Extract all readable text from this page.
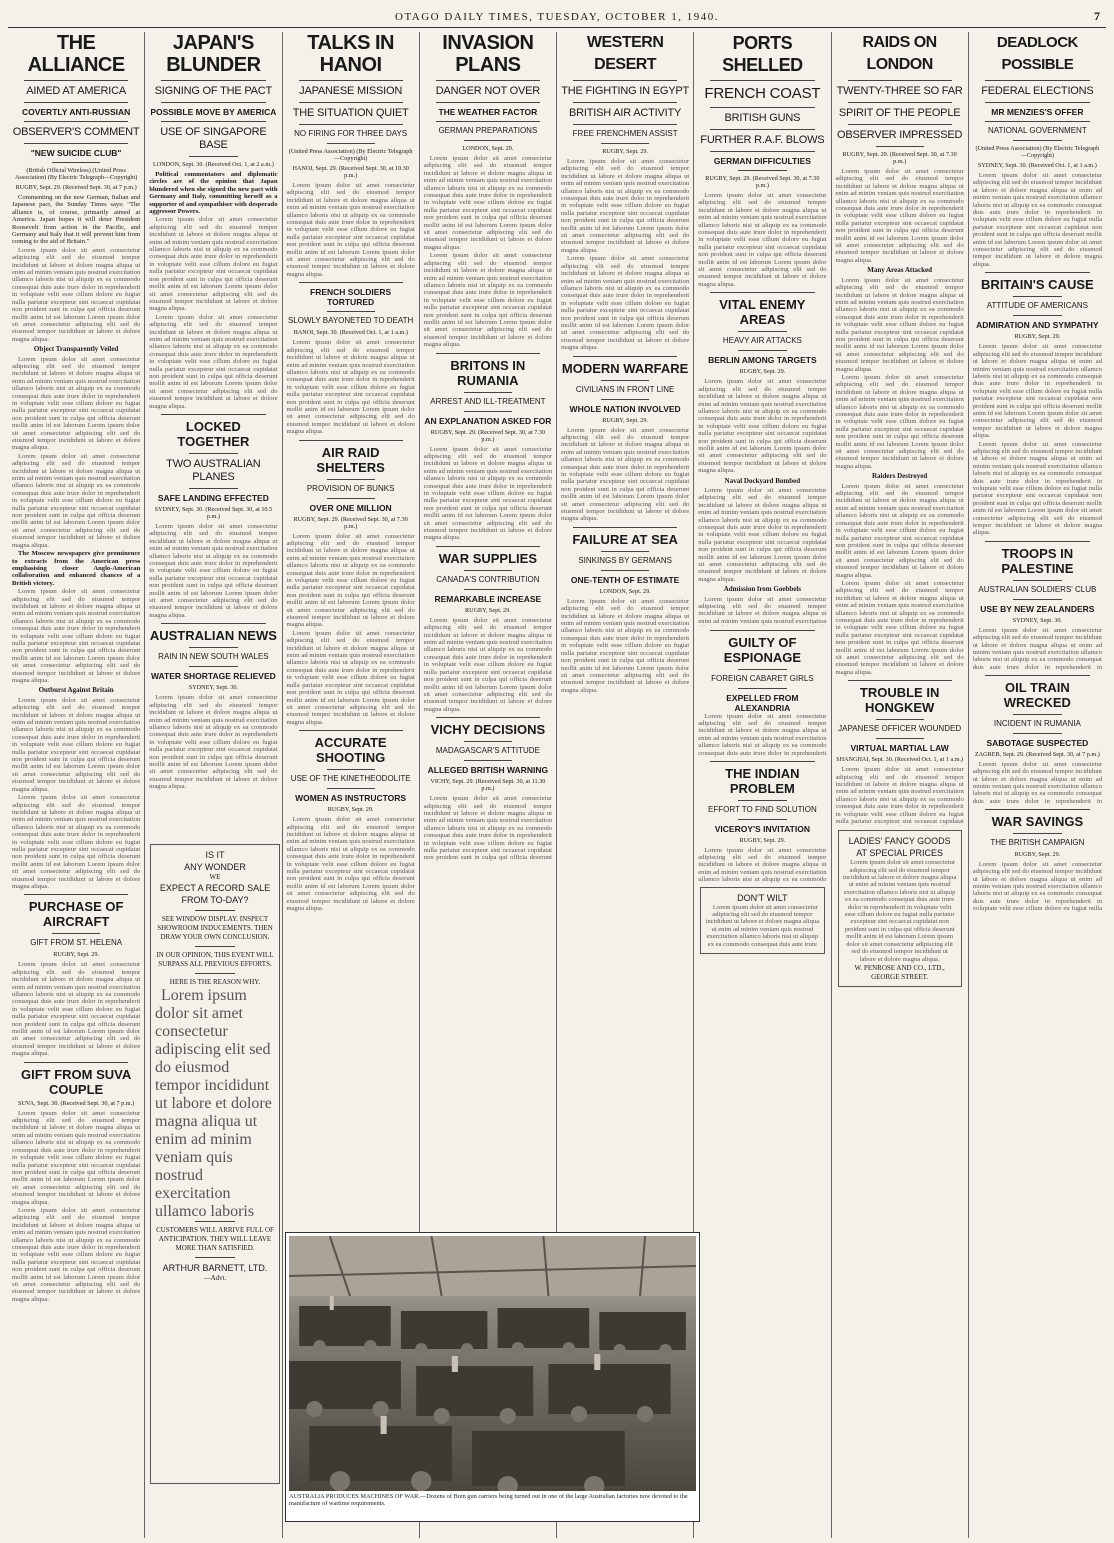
OTAGO DAILY TIMES, TUESDAY, OCTOBER 1, 1940.	7
THE ALLIANCE
AIMED AT AMERICA
COVERTLY ANTI-RUSSIAN
OBSERVER'S COMMENT
"NEW SUICIDE CLUB"
(British Official Wireless) (United Press Association) (By Electric Telegraph—Copyright)
RUGBY, Sept. 29. (Received Sept. 30, at 7 p.m.)
Commenting on the new German, Italian and Japanese pact, the Sunday Times says: "The alliance is, of course, primarily aimed at America. Japan hopes it will deter President Roosevelt from action in the Pacific, and Germany and Italy that it will prevent him from coming to the aid of Britain."
Lorem ipsum dolor sit amet consectetur adipiscing elit sed do eiusmod tempor incididunt ut labore et dolore magna aliqua ut enim ad minim veniam quis nostrud exercitation ullamco laboris nisi ut aliquip ex ea commodo consequat duis aute irure dolor in reprehenderit in voluptate velit esse cillum dolore eu fugiat nulla pariatur excepteur sint occaecat cupidatat non proident sunt in culpa qui officia deserunt mollit anim id est laborum Lorem ipsum dolor sit amet consectetur adipiscing elit sed do eiusmod tempor incididunt ut labore et dolore magna aliqua.
Object Transparently Veiled
Lorem ipsum dolor sit amet consectetur adipiscing elit sed do eiusmod tempor incididunt ut labore et dolore magna aliqua ut enim ad minim veniam quis nostrud exercitation ullamco laboris nisi ut aliquip ex ea commodo consequat duis aute irure dolor in reprehenderit in voluptate velit esse cillum dolore eu fugiat nulla pariatur excepteur sint occaecat cupidatat non proident sunt in culpa qui officia deserunt mollit anim id est laborum Lorem ipsum dolor sit amet consectetur adipiscing elit sed do eiusmod tempor incididunt ut labore et dolore magna aliqua.
Lorem ipsum dolor sit amet consectetur adipiscing elit sed do eiusmod tempor incididunt ut labore et dolore magna aliqua ut enim ad minim veniam quis nostrud exercitation ullamco laboris nisi ut aliquip ex ea commodo consequat duis aute irure dolor in reprehenderit in voluptate velit esse cillum dolore eu fugiat nulla pariatur excepteur sint occaecat cupidatat non proident sunt in culpa qui officia deserunt mollit anim id est laborum Lorem ipsum dolor sit amet consectetur adipiscing elit sed do eiusmod tempor incididunt ut labore et dolore magna aliqua.
The Moscow newspapers give prominence to extracts from the American press emphasising closer Anglo-American collaboration and enhanced chances of a British victory.
Lorem ipsum dolor sit amet consectetur adipiscing elit sed do eiusmod tempor incididunt ut labore et dolore magna aliqua ut enim ad minim veniam quis nostrud exercitation ullamco laboris nisi ut aliquip ex ea commodo consequat duis aute irure dolor in reprehenderit in voluptate velit esse cillum dolore eu fugiat nulla pariatur excepteur sint occaecat cupidatat non proident sunt in culpa qui officia deserunt mollit anim id est laborum Lorem ipsum dolor sit amet consectetur adipiscing elit sed do eiusmod tempor incididunt ut labore et dolore magna aliqua.
Outburst Against Britain
Lorem ipsum dolor sit amet consectetur adipiscing elit sed do eiusmod tempor incididunt ut labore et dolore magna aliqua ut enim ad minim veniam quis nostrud exercitation ullamco laboris nisi ut aliquip ex ea commodo consequat duis aute irure dolor in reprehenderit in voluptate velit esse cillum dolore eu fugiat nulla pariatur excepteur sint occaecat cupidatat non proident sunt in culpa qui officia deserunt mollit anim id est laborum Lorem ipsum dolor sit amet consectetur adipiscing elit sed do eiusmod tempor incididunt ut labore et dolore magna aliqua.
Lorem ipsum dolor sit amet consectetur adipiscing elit sed do eiusmod tempor incididunt ut labore et dolore magna aliqua ut enim ad minim veniam quis nostrud exercitation ullamco laboris nisi ut aliquip ex ea commodo consequat duis aute irure dolor in reprehenderit in voluptate velit esse cillum dolore eu fugiat nulla pariatur excepteur sint occaecat cupidatat non proident sunt in culpa qui officia deserunt mollit anim id est laborum Lorem ipsum dolor sit amet consectetur adipiscing elit sed do eiusmod tempor incididunt ut labore et dolore magna aliqua.
PURCHASE OF AIRCRAFT
GIFT FROM ST. HELENA
RUGBY, Sept. 29.
Lorem ipsum dolor sit amet consectetur adipiscing elit sed do eiusmod tempor incididunt ut labore et dolore magna aliqua ut enim ad minim veniam quis nostrud exercitation ullamco laboris nisi ut aliquip ex ea commodo consequat duis aute irure dolor in reprehenderit in voluptate velit esse cillum dolore eu fugiat nulla pariatur excepteur sint occaecat cupidatat non proident sunt in culpa qui officia deserunt mollit anim id est laborum Lorem ipsum dolor sit amet consectetur adipiscing elit sed do eiusmod tempor incididunt ut labore et dolore magna aliqua.
GIFT FROM SUVA COUPLE
SUVA, Sept. 30. (Received Sept. 30, at 7 p.m.)
Lorem ipsum dolor sit amet consectetur adipiscing elit sed do eiusmod tempor incididunt ut labore et dolore magna aliqua ut enim ad minim veniam quis nostrud exercitation ullamco laboris nisi ut aliquip ex ea commodo consequat duis aute irure dolor in reprehenderit in voluptate velit esse cillum dolore eu fugiat nulla pariatur excepteur sint occaecat cupidatat non proident sunt in culpa qui officia deserunt mollit anim id est laborum Lorem ipsum dolor sit amet consectetur adipiscing elit sed do eiusmod tempor incididunt ut labore et dolore magna aliqua.
Lorem ipsum dolor sit amet consectetur adipiscing elit sed do eiusmod tempor incididunt ut labore et dolore magna aliqua ut enim ad minim veniam quis nostrud exercitation ullamco laboris nisi ut aliquip ex ea commodo consequat duis aute irure dolor in reprehenderit in voluptate velit esse cillum dolore eu fugiat nulla pariatur excepteur sint occaecat cupidatat non proident sunt in culpa qui officia deserunt mollit anim id est laborum Lorem ipsum dolor sit amet consectetur adipiscing elit sed do eiusmod tempor incididunt ut labore et dolore magna aliqua.
JAPAN'S BLUNDER
SIGNING OF THE PACT
POSSIBLE MOVE BY AMERICA
USE OF SINGAPORE BASE
LONDON, Sept. 30. (Received Oct. 1, at 2 a.m.)
Political commentators and diplomatic circles are of the opinion that Japan blundered when she signed the new pact with Germany and Italy, committing herself as a supporter of and sympathiser with desperado aggressor Powers.
Lorem ipsum dolor sit amet consectetur adipiscing elit sed do eiusmod tempor incididunt ut labore et dolore magna aliqua ut enim ad minim veniam quis nostrud exercitation ullamco laboris nisi ut aliquip ex ea commodo consequat duis aute irure dolor in reprehenderit in voluptate velit esse cillum dolore eu fugiat nulla pariatur excepteur sint occaecat cupidatat non proident sunt in culpa qui officia deserunt mollit anim id est laborum Lorem ipsum dolor sit amet consectetur adipiscing elit sed do eiusmod tempor incididunt ut labore et dolore magna aliqua.
Lorem ipsum dolor sit amet consectetur adipiscing elit sed do eiusmod tempor incididunt ut labore et dolore magna aliqua ut enim ad minim veniam quis nostrud exercitation ullamco laboris nisi ut aliquip ex ea commodo consequat duis aute irure dolor in reprehenderit in voluptate velit esse cillum dolore eu fugiat nulla pariatur excepteur sint occaecat cupidatat non proident sunt in culpa qui officia deserunt mollit anim id est laborum Lorem ipsum dolor sit amet consectetur adipiscing elit sed do eiusmod tempor incididunt ut labore et dolore magna aliqua.
LOCKED TOGETHER
TWO AUSTRALIAN PLANES
SAFE LANDING EFFECTED
SYDNEY, Sept. 30. (Received Sept. 30, at 10.5 p.m.)
Lorem ipsum dolor sit amet consectetur adipiscing elit sed do eiusmod tempor incididunt ut labore et dolore magna aliqua ut enim ad minim veniam quis nostrud exercitation ullamco laboris nisi ut aliquip ex ea commodo consequat duis aute irure dolor in reprehenderit in voluptate velit esse cillum dolore eu fugiat nulla pariatur excepteur sint occaecat cupidatat non proident sunt in culpa qui officia deserunt mollit anim id est laborum Lorem ipsum dolor sit amet consectetur adipiscing elit sed do eiusmod tempor incididunt ut labore et dolore magna aliqua.
AUSTRALIAN NEWS
RAIN IN NEW SOUTH WALES
WATER SHORTAGE RELIEVED
SYDNEY, Sept. 30.
Lorem ipsum dolor sit amet consectetur adipiscing elit sed do eiusmod tempor incididunt ut labore et dolore magna aliqua ut enim ad minim veniam quis nostrud exercitation ullamco laboris nisi ut aliquip ex ea commodo consequat duis aute irure dolor in reprehenderit in voluptate velit esse cillum dolore eu fugiat nulla pariatur excepteur sint occaecat cupidatat non proident sunt in culpa qui officia deserunt mollit anim id est laborum Lorem ipsum dolor sit amet consectetur adipiscing elit sed do eiusmod tempor incididunt ut labore et dolore magna aliqua.
TALKS IN HANOI
JAPANESE MISSION
THE SITUATION QUIET
NO FIRING FOR THREE DAYS
(United Press Association) (By Electric Telegraph—Copyright)
HANOI, Sept. 29. (Received Sept. 30, at 10.30 p.m.)
Lorem ipsum dolor sit amet consectetur adipiscing elit sed do eiusmod tempor incididunt ut labore et dolore magna aliqua ut enim ad minim veniam quis nostrud exercitation ullamco laboris nisi ut aliquip ex ea commodo consequat duis aute irure dolor in reprehenderit in voluptate velit esse cillum dolore eu fugiat nulla pariatur excepteur sint occaecat cupidatat non proident sunt in culpa qui officia deserunt mollit anim id est laborum Lorem ipsum dolor sit amet consectetur adipiscing elit sed do eiusmod tempor incididunt ut labore et dolore magna aliqua.
FRENCH SOLDIERS TORTURED
SLOWLY BAYONETED TO DEATH
HANOI, Sept. 30. (Received Oct. 1, at 1 a.m.)
Lorem ipsum dolor sit amet consectetur adipiscing elit sed do eiusmod tempor incididunt ut labore et dolore magna aliqua ut enim ad minim veniam quis nostrud exercitation ullamco laboris nisi ut aliquip ex ea commodo consequat duis aute irure dolor in reprehenderit in voluptate velit esse cillum dolore eu fugiat nulla pariatur excepteur sint occaecat cupidatat non proident sunt in culpa qui officia deserunt mollit anim id est laborum Lorem ipsum dolor sit amet consectetur adipiscing elit sed do eiusmod tempor incididunt ut labore et dolore magna aliqua.
AIR RAID SHELTERS
PROVISION OF BUNKS
OVER ONE MILLION
RUGBY, Sept. 29. (Received Sept. 30, at 7.30 p.m.)
Lorem ipsum dolor sit amet consectetur adipiscing elit sed do eiusmod tempor incididunt ut labore et dolore magna aliqua ut enim ad minim veniam quis nostrud exercitation ullamco laboris nisi ut aliquip ex ea commodo consequat duis aute irure dolor in reprehenderit in voluptate velit esse cillum dolore eu fugiat nulla pariatur excepteur sint occaecat cupidatat non proident sunt in culpa qui officia deserunt mollit anim id est laborum Lorem ipsum dolor sit amet consectetur adipiscing elit sed do eiusmod tempor incididunt ut labore et dolore magna aliqua.
Lorem ipsum dolor sit amet consectetur adipiscing elit sed do eiusmod tempor incididunt ut labore et dolore magna aliqua ut enim ad minim veniam quis nostrud exercitation ullamco laboris nisi ut aliquip ex ea commodo consequat duis aute irure dolor in reprehenderit in voluptate velit esse cillum dolore eu fugiat nulla pariatur excepteur sint occaecat cupidatat non proident sunt in culpa qui officia deserunt mollit anim id est laborum Lorem ipsum dolor sit amet consectetur adipiscing elit sed do eiusmod tempor incididunt ut labore et dolore magna aliqua.
ACCURATE SHOOTING
USE OF THE KINETHEODOLITE
WOMEN AS INSTRUCTORS
RUGBY, Sept. 29.
Lorem ipsum dolor sit amet consectetur adipiscing elit sed do eiusmod tempor incididunt ut labore et dolore magna aliqua ut enim ad minim veniam quis nostrud exercitation ullamco laboris nisi ut aliquip ex ea commodo consequat duis aute irure dolor in reprehenderit in voluptate velit esse cillum dolore eu fugiat nulla pariatur excepteur sint occaecat cupidatat non proident sunt in culpa qui officia deserunt mollit anim id est laborum Lorem ipsum dolor sit amet consectetur adipiscing elit sed do eiusmod tempor incididunt ut labore et dolore magna aliqua.
INVASION PLANS
DANGER NOT OVER
THE WEATHER FACTOR
GERMAN PREPARATIONS
LONDON, Sept. 29.
Lorem ipsum dolor sit amet consectetur adipiscing elit sed do eiusmod tempor incididunt ut labore et dolore magna aliqua ut enim ad minim veniam quis nostrud exercitation ullamco laboris nisi ut aliquip ex ea commodo consequat duis aute irure dolor in reprehenderit in voluptate velit esse cillum dolore eu fugiat nulla pariatur excepteur sint occaecat cupidatat non proident sunt in culpa qui officia deserunt mollit anim id est laborum Lorem ipsum dolor sit amet consectetur adipiscing elit sed do eiusmod tempor incididunt ut labore et dolore magna aliqua.
Lorem ipsum dolor sit amet consectetur adipiscing elit sed do eiusmod tempor incididunt ut labore et dolore magna aliqua ut enim ad minim veniam quis nostrud exercitation ullamco laboris nisi ut aliquip ex ea commodo consequat duis aute irure dolor in reprehenderit in voluptate velit esse cillum dolore eu fugiat nulla pariatur excepteur sint occaecat cupidatat non proident sunt in culpa qui officia deserunt mollit anim id est laborum Lorem ipsum dolor sit amet consectetur adipiscing elit sed do eiusmod tempor incididunt ut labore et dolore magna aliqua.
BRITONS IN RUMANIA
ARREST AND ILL-TREATMENT
AN EXPLANATION ASKED FOR
RUGBY, Sept. 29. (Received Sept. 30, at 7.30 p.m.)
Lorem ipsum dolor sit amet consectetur adipiscing elit sed do eiusmod tempor incididunt ut labore et dolore magna aliqua ut enim ad minim veniam quis nostrud exercitation ullamco laboris nisi ut aliquip ex ea commodo consequat duis aute irure dolor in reprehenderit in voluptate velit esse cillum dolore eu fugiat nulla pariatur excepteur sint occaecat cupidatat non proident sunt in culpa qui officia deserunt mollit anim id est laborum Lorem ipsum dolor sit amet consectetur adipiscing elit sed do eiusmod tempor incididunt ut labore et dolore magna aliqua.
WAR SUPPLIES
CANADA'S CONTRIBUTION
REMARKABLE INCREASE
RUGBY, Sept. 29.
Lorem ipsum dolor sit amet consectetur adipiscing elit sed do eiusmod tempor incididunt ut labore et dolore magna aliqua ut enim ad minim veniam quis nostrud exercitation ullamco laboris nisi ut aliquip ex ea commodo consequat duis aute irure dolor in reprehenderit in voluptate velit esse cillum dolore eu fugiat nulla pariatur excepteur sint occaecat cupidatat non proident sunt in culpa qui officia deserunt mollit anim id est laborum Lorem ipsum dolor sit amet consectetur adipiscing elit sed do eiusmod tempor incididunt ut labore et dolore magna aliqua.
VICHY DECISIONS
MADAGASCAR'S ATTITUDE
ALLEGED BRITISH WARNING
VICHY, Sept. 29. (Received Sept. 30, at 11.30 p.m.)
Lorem ipsum dolor sit amet consectetur adipiscing elit sed do eiusmod tempor incididunt ut labore et dolore magna aliqua ut enim ad minim veniam quis nostrud exercitation ullamco laboris nisi ut aliquip ex ea commodo consequat duis aute irure dolor in reprehenderit in voluptate velit esse cillum dolore eu fugiat nulla pariatur excepteur sint occaecat cupidatat non proident sunt in culpa qui officia deserunt mollit anim id est laborum Lorem ipsum dolor sit amet consectetur adipiscing elit sed do eiusmod tempor incididunt ut labore et dolore magna aliqua.
WESTERN DESERT
THE FIGHTING IN EGYPT
BRITISH AIR ACTIVITY
FREE FRENCHMEN ASSIST
RUGBY, Sept. 29.
Lorem ipsum dolor sit amet consectetur adipiscing elit sed do eiusmod tempor incididunt ut labore et dolore magna aliqua ut enim ad minim veniam quis nostrud exercitation ullamco laboris nisi ut aliquip ex ea commodo consequat duis aute irure dolor in reprehenderit in voluptate velit esse cillum dolore eu fugiat nulla pariatur excepteur sint occaecat cupidatat non proident sunt in culpa qui officia deserunt mollit anim id est laborum Lorem ipsum dolor sit amet consectetur adipiscing elit sed do eiusmod tempor incididunt ut labore et dolore magna aliqua.
Lorem ipsum dolor sit amet consectetur adipiscing elit sed do eiusmod tempor incididunt ut labore et dolore magna aliqua ut enim ad minim veniam quis nostrud exercitation ullamco laboris nisi ut aliquip ex ea commodo consequat duis aute irure dolor in reprehenderit in voluptate velit esse cillum dolore eu fugiat nulla pariatur excepteur sint occaecat cupidatat non proident sunt in culpa qui officia deserunt mollit anim id est laborum Lorem ipsum dolor sit amet consectetur adipiscing elit sed do eiusmod tempor incididunt ut labore et dolore magna aliqua.
MODERN WARFARE
CIVILIANS IN FRONT LINE
WHOLE NATION INVOLVED
RUGBY, Sept. 29.
Lorem ipsum dolor sit amet consectetur adipiscing elit sed do eiusmod tempor incididunt ut labore et dolore magna aliqua ut enim ad minim veniam quis nostrud exercitation ullamco laboris nisi ut aliquip ex ea commodo consequat duis aute irure dolor in reprehenderit in voluptate velit esse cillum dolore eu fugiat nulla pariatur excepteur sint occaecat cupidatat non proident sunt in culpa qui officia deserunt mollit anim id est laborum Lorem ipsum dolor sit amet consectetur adipiscing elit sed do eiusmod tempor incididunt ut labore et dolore magna aliqua.
FAILURE AT SEA
SINKINGS BY GERMANS
ONE-TENTH OF ESTIMATE
LONDON, Sept. 29.
Lorem ipsum dolor sit amet consectetur adipiscing elit sed do eiusmod tempor incididunt ut labore et dolore magna aliqua ut enim ad minim veniam quis nostrud exercitation ullamco laboris nisi ut aliquip ex ea commodo consequat duis aute irure dolor in reprehenderit in voluptate velit esse cillum dolore eu fugiat nulla pariatur excepteur sint occaecat cupidatat non proident sunt in culpa qui officia deserunt mollit anim id est laborum Lorem ipsum dolor sit amet consectetur adipiscing elit sed do eiusmod tempor incididunt ut labore et dolore magna aliqua.
PORTS SHELLED
FRENCH COAST
BRITISH GUNS
FURTHER R.A.F. BLOWS
GERMAN DIFFICULTIES
RUGBY, Sept. 29. (Received Sept. 30, at 7.30 p.m.)
Lorem ipsum dolor sit amet consectetur adipiscing elit sed do eiusmod tempor incididunt ut labore et dolore magna aliqua ut enim ad minim veniam quis nostrud exercitation ullamco laboris nisi ut aliquip ex ea commodo consequat duis aute irure dolor in reprehenderit in voluptate velit esse cillum dolore eu fugiat nulla pariatur excepteur sint occaecat cupidatat non proident sunt in culpa qui officia deserunt mollit anim id est laborum Lorem ipsum dolor sit amet consectetur adipiscing elit sed do eiusmod tempor incididunt ut labore et dolore magna aliqua.
VITAL ENEMY AREAS
HEAVY AIR ATTACKS
BERLIN AMONG TARGETS
RUGBY, Sept. 29.
Lorem ipsum dolor sit amet consectetur adipiscing elit sed do eiusmod tempor incididunt ut labore et dolore magna aliqua ut enim ad minim veniam quis nostrud exercitation ullamco laboris nisi ut aliquip ex ea commodo consequat duis aute irure dolor in reprehenderit in voluptate velit esse cillum dolore eu fugiat nulla pariatur excepteur sint occaecat cupidatat non proident sunt in culpa qui officia deserunt mollit anim id est laborum Lorem ipsum dolor sit amet consectetur adipiscing elit sed do eiusmod tempor incididunt ut labore et dolore magna aliqua.
Naval Dockyard Bombed
Lorem ipsum dolor sit amet consectetur adipiscing elit sed do eiusmod tempor incididunt ut labore et dolore magna aliqua ut enim ad minim veniam quis nostrud exercitation ullamco laboris nisi ut aliquip ex ea commodo consequat duis aute irure dolor in reprehenderit in voluptate velit esse cillum dolore eu fugiat nulla pariatur excepteur sint occaecat cupidatat non proident sunt in culpa qui officia deserunt mollit anim id est laborum Lorem ipsum dolor sit amet consectetur adipiscing elit sed do eiusmod tempor incididunt ut labore et dolore magna aliqua.
Admission from Goebbels
Lorem ipsum dolor sit amet consectetur adipiscing elit sed do eiusmod tempor incididunt ut labore et dolore magna aliqua ut enim ad minim veniam quis nostrud exercitation ullamco laboris nisi ut aliquip ex ea commodo consequat duis aute irure dolor in reprehenderit in voluptate velit esse cillum dolore eu fugiat nulla pariatur excepteur sint occaecat cupidatat non proident sunt in culpa qui officia deserunt mollit anim id est laborum Lorem ipsum dolor sit amet consectetur adipiscing elit sed do eiusmod tempor incididunt ut labore et dolore magna aliqua.
GUILTY OF ESPIONAGE
FOREIGN CABARET GIRLS
EXPELLED FROM ALEXANDRIA
Lorem ipsum dolor sit amet consectetur adipiscing elit sed do eiusmod tempor incididunt ut labore et dolore magna aliqua ut enim ad minim veniam quis nostrud exercitation ullamco laboris nisi ut aliquip ex ea commodo consequat duis aute irure dolor in reprehenderit in voluptate velit esse cillum dolore eu fugiat nulla pariatur excepteur sint occaecat cupidatat non proident sunt in culpa qui officia deserunt mollit anim id est laborum Lorem ipsum dolor sit amet consectetur adipiscing elit sed do eiusmod tempor incididunt ut labore et dolore magna aliqua.
THE INDIAN PROBLEM
EFFORT TO FIND SOLUTION
VICEROY'S INVITATION
RUGBY, Sept. 29.
Lorem ipsum dolor sit amet consectetur adipiscing elit sed do eiusmod tempor incididunt ut labore et dolore magna aliqua ut enim ad minim veniam quis nostrud exercitation ullamco laboris nisi ut aliquip ex ea commodo consequat duis aute irure dolor in reprehenderit in voluptate velit esse cillum dolore eu fugiat nulla pariatur excepteur sint occaecat cupidatat non proident sunt in culpa qui officia deserunt mollit anim id est laborum Lorem ipsum dolor sit amet consectetur adipiscing elit sed do eiusmod tempor incididunt ut labore et dolore magna aliqua.
DON'T WILT
Lorem ipsum dolor sit amet consectetur adipiscing elit sed do eiusmod tempor incididunt ut labore et dolore magna aliqua ut enim ad minim veniam quis nostrud exercitation ullamco laboris nisi ut aliquip ex ea commodo consequat duis aute irure dolor in reprehenderit in voluptate velit esse cillum dolore eu fugiat nulla pariatur excepteur sint occaecat cupidatat non proident sunt in culpa qui officia deserunt mollit anim id est laborum Lorem ipsum dolor sit amet consectetur adipiscing elit sed do eiusmod tempor incididunt ut labore et dolore magna aliqua.
RAIDS ON LONDON
TWENTY-THREE SO FAR
SPIRIT OF THE PEOPLE
OBSERVER IMPRESSED
RUGBY, Sept. 29. (Received Sept. 30, at 7.30 p.m.)
Lorem ipsum dolor sit amet consectetur adipiscing elit sed do eiusmod tempor incididunt ut labore et dolore magna aliqua ut enim ad minim veniam quis nostrud exercitation ullamco laboris nisi ut aliquip ex ea commodo consequat duis aute irure dolor in reprehenderit in voluptate velit esse cillum dolore eu fugiat nulla pariatur excepteur sint occaecat cupidatat non proident sunt in culpa qui officia deserunt mollit anim id est laborum Lorem ipsum dolor sit amet consectetur adipiscing elit sed do eiusmod tempor incididunt ut labore et dolore magna aliqua.
Many Areas Attacked
Lorem ipsum dolor sit amet consectetur adipiscing elit sed do eiusmod tempor incididunt ut labore et dolore magna aliqua ut enim ad minim veniam quis nostrud exercitation ullamco laboris nisi ut aliquip ex ea commodo consequat duis aute irure dolor in reprehenderit in voluptate velit esse cillum dolore eu fugiat nulla pariatur excepteur sint occaecat cupidatat non proident sunt in culpa qui officia deserunt mollit anim id est laborum Lorem ipsum dolor sit amet consectetur adipiscing elit sed do eiusmod tempor incididunt ut labore et dolore magna aliqua.
Lorem ipsum dolor sit amet consectetur adipiscing elit sed do eiusmod tempor incididunt ut labore et dolore magna aliqua ut enim ad minim veniam quis nostrud exercitation ullamco laboris nisi ut aliquip ex ea commodo consequat duis aute irure dolor in reprehenderit in voluptate velit esse cillum dolore eu fugiat nulla pariatur excepteur sint occaecat cupidatat non proident sunt in culpa qui officia deserunt mollit anim id est laborum Lorem ipsum dolor sit amet consectetur adipiscing elit sed do eiusmod tempor incididunt ut labore et dolore magna aliqua.
Raiders Destroyed
Lorem ipsum dolor sit amet consectetur adipiscing elit sed do eiusmod tempor incididunt ut labore et dolore magna aliqua ut enim ad minim veniam quis nostrud exercitation ullamco laboris nisi ut aliquip ex ea commodo consequat duis aute irure dolor in reprehenderit in voluptate velit esse cillum dolore eu fugiat nulla pariatur excepteur sint occaecat cupidatat non proident sunt in culpa qui officia deserunt mollit anim id est laborum Lorem ipsum dolor sit amet consectetur adipiscing elit sed do eiusmod tempor incididunt ut labore et dolore magna aliqua.
Lorem ipsum dolor sit amet consectetur adipiscing elit sed do eiusmod tempor incididunt ut labore et dolore magna aliqua ut enim ad minim veniam quis nostrud exercitation ullamco laboris nisi ut aliquip ex ea commodo consequat duis aute irure dolor in reprehenderit in voluptate velit esse cillum dolore eu fugiat nulla pariatur excepteur sint occaecat cupidatat non proident sunt in culpa qui officia deserunt mollit anim id est laborum Lorem ipsum dolor sit amet consectetur adipiscing elit sed do eiusmod tempor incididunt ut labore et dolore magna aliqua.
TROUBLE IN HONGKEW
JAPANESE OFFICER WOUNDED
VIRTUAL MARTIAL LAW
SHANGHAI, Sept. 30. (Received Oct. 1, at 1 a.m.)
Lorem ipsum dolor sit amet consectetur adipiscing elit sed do eiusmod tempor incididunt ut labore et dolore magna aliqua ut enim ad minim veniam quis nostrud exercitation ullamco laboris nisi ut aliquip ex ea commodo consequat duis aute irure dolor in reprehenderit in voluptate velit esse cillum dolore eu fugiat nulla pariatur excepteur sint occaecat cupidatat non proident sunt in culpa qui officia deserunt mollit anim id est laborum Lorem ipsum dolor sit amet consectetur adipiscing elit sed do eiusmod tempor incididunt ut labore et dolore magna aliqua.
LADIES' FANCY GOODS AT SPECIAL PRICES
Lorem ipsum dolor sit amet consectetur adipiscing elit sed do eiusmod tempor incididunt ut labore et dolore magna aliqua ut enim ad minim veniam quis nostrud exercitation ullamco laboris nisi ut aliquip ex ea commodo consequat duis aute irure dolor in reprehenderit in voluptate velit esse cillum dolore eu fugiat nulla pariatur excepteur sint occaecat cupidatat non proident sunt in culpa qui officia deserunt mollit anim id est laborum Lorem ipsum dolor sit amet consectetur adipiscing elit sed do eiusmod tempor incididunt ut labore et dolore magna aliqua.
W. PENROSE AND CO., LTD., GEORGE STREET.
DEADLOCK POSSIBLE
FEDERAL ELECTIONS
MR MENZIES'S OFFER
NATIONAL GOVERNMENT
(United Press Association) (By Electric Telegraph—Copyright)
SYDNEY, Sept. 30. (Received Oct. 1, at 1 a.m.)
Lorem ipsum dolor sit amet consectetur adipiscing elit sed do eiusmod tempor incididunt ut labore et dolore magna aliqua ut enim ad minim veniam quis nostrud exercitation ullamco laboris nisi ut aliquip ex ea commodo consequat duis aute irure dolor in reprehenderit in voluptate velit esse cillum dolore eu fugiat nulla pariatur excepteur sint occaecat cupidatat non proident sunt in culpa qui officia deserunt mollit anim id est laborum Lorem ipsum dolor sit amet consectetur adipiscing elit sed do eiusmod tempor incididunt ut labore et dolore magna aliqua.
BRITAIN'S CAUSE
ATTITUDE OF AMERICANS
ADMIRATION AND SYMPATHY
RUGBY, Sept. 29.
Lorem ipsum dolor sit amet consectetur adipiscing elit sed do eiusmod tempor incididunt ut labore et dolore magna aliqua ut enim ad minim veniam quis nostrud exercitation ullamco laboris nisi ut aliquip ex ea commodo consequat duis aute irure dolor in reprehenderit in voluptate velit esse cillum dolore eu fugiat nulla pariatur excepteur sint occaecat cupidatat non proident sunt in culpa qui officia deserunt mollit anim id est laborum Lorem ipsum dolor sit amet consectetur adipiscing elit sed do eiusmod tempor incididunt ut labore et dolore magna aliqua.
Lorem ipsum dolor sit amet consectetur adipiscing elit sed do eiusmod tempor incididunt ut labore et dolore magna aliqua ut enim ad minim veniam quis nostrud exercitation ullamco laboris nisi ut aliquip ex ea commodo consequat duis aute irure dolor in reprehenderit in voluptate velit esse cillum dolore eu fugiat nulla pariatur excepteur sint occaecat cupidatat non proident sunt in culpa qui officia deserunt mollit anim id est laborum Lorem ipsum dolor sit amet consectetur adipiscing elit sed do eiusmod tempor incididunt ut labore et dolore magna aliqua.
TROOPS IN PALESTINE
AUSTRALIAN SOLDIERS' CLUB
USE BY NEW ZEALANDERS
SYDNEY, Sept. 30.
Lorem ipsum dolor sit amet consectetur adipiscing elit sed do eiusmod tempor incididunt ut labore et dolore magna aliqua ut enim ad minim veniam quis nostrud exercitation ullamco laboris nisi ut aliquip ex ea commodo consequat duis aute irure dolor in reprehenderit in voluptate velit esse cillum dolore eu fugiat nulla pariatur excepteur sint occaecat cupidatat non proident sunt in culpa qui officia deserunt mollit anim id est laborum Lorem ipsum dolor sit amet consectetur adipiscing elit sed do eiusmod tempor incididunt ut labore et dolore magna aliqua.
OIL TRAIN WRECKED
INCIDENT IN RUMANIA
SABOTAGE SUSPECTED
ZAGREB, Sept. 29. (Received Sept. 30, at 7 p.m.)
Lorem ipsum dolor sit amet consectetur adipiscing elit sed do eiusmod tempor incididunt ut labore et dolore magna aliqua ut enim ad minim veniam quis nostrud exercitation ullamco laboris nisi ut aliquip ex ea commodo consequat duis aute irure dolor in reprehenderit in voluptate velit esse cillum dolore eu fugiat nulla pariatur excepteur sint occaecat cupidatat non proident sunt in culpa qui officia deserunt mollit anim id est laborum Lorem ipsum dolor sit amet consectetur adipiscing elit sed do eiusmod tempor incididunt ut labore et dolore magna aliqua.
WAR SAVINGS
THE BRITISH CAMPAIGN
RUGBY, Sept. 29.
Lorem ipsum dolor sit amet consectetur adipiscing elit sed do eiusmod tempor incididunt ut labore et dolore magna aliqua ut enim ad minim veniam quis nostrud exercitation ullamco laboris nisi ut aliquip ex ea commodo consequat duis aute irure dolor in reprehenderit in voluptate velit esse cillum dolore eu fugiat nulla pariatur excepteur sint occaecat cupidatat non proident sunt in culpa qui officia deserunt mollit anim id est laborum Lorem ipsum dolor sit amet consectetur adipiscing elit sed do eiusmod tempor incididunt ut labore et dolore magna aliqua.
IS IT
ANY WONDER
WE
EXPECT A RECORD SALE
FROM TO-DAY?
SEE WINDOW DISPLAY. INSPECT SHOWROOM INDUCEMENTS. THEN DRAW YOUR OWN CONCLUSION.
IN OUR OPINION, THIS EVENT WILL SURPASS ALL PREVIOUS EFFORTS.
HERE IS THE REASON WHY.
Lorem ipsum dolor sit amet consectetur adipiscing elit sed do eiusmod tempor incididunt ut labore et dolore magna aliqua ut enim ad minim veniam quis nostrud exercitation ullamco laboris nisi ut aliquip ex ea commodo consequat duis aute irure dolor in reprehenderit in voluptate velit esse cillum dolore eu fugiat nulla pariatur excepteur sint occaecat cupidatat non proident sunt in culpa qui officia deserunt mollit anim id est laborum Lorem ipsum dolor sit amet consectetur adipiscing elit sed do eiusmod tempor incididunt ut labore et dolore magna aliqua.
CUSTOMERS WILL ARRIVE FULL OF ANTICIPATION. THEY WILL LEAVE MORE THAN SATISFIED.
ARTHUR BARNETT, LTD.
—Advt.
AUSTRALIA PRODUCES MACHINES OF WAR.—Dozens of Bren gun carriers being turned out in one of the large Australian factories now devoted to the manufacture of wartime requirements.
